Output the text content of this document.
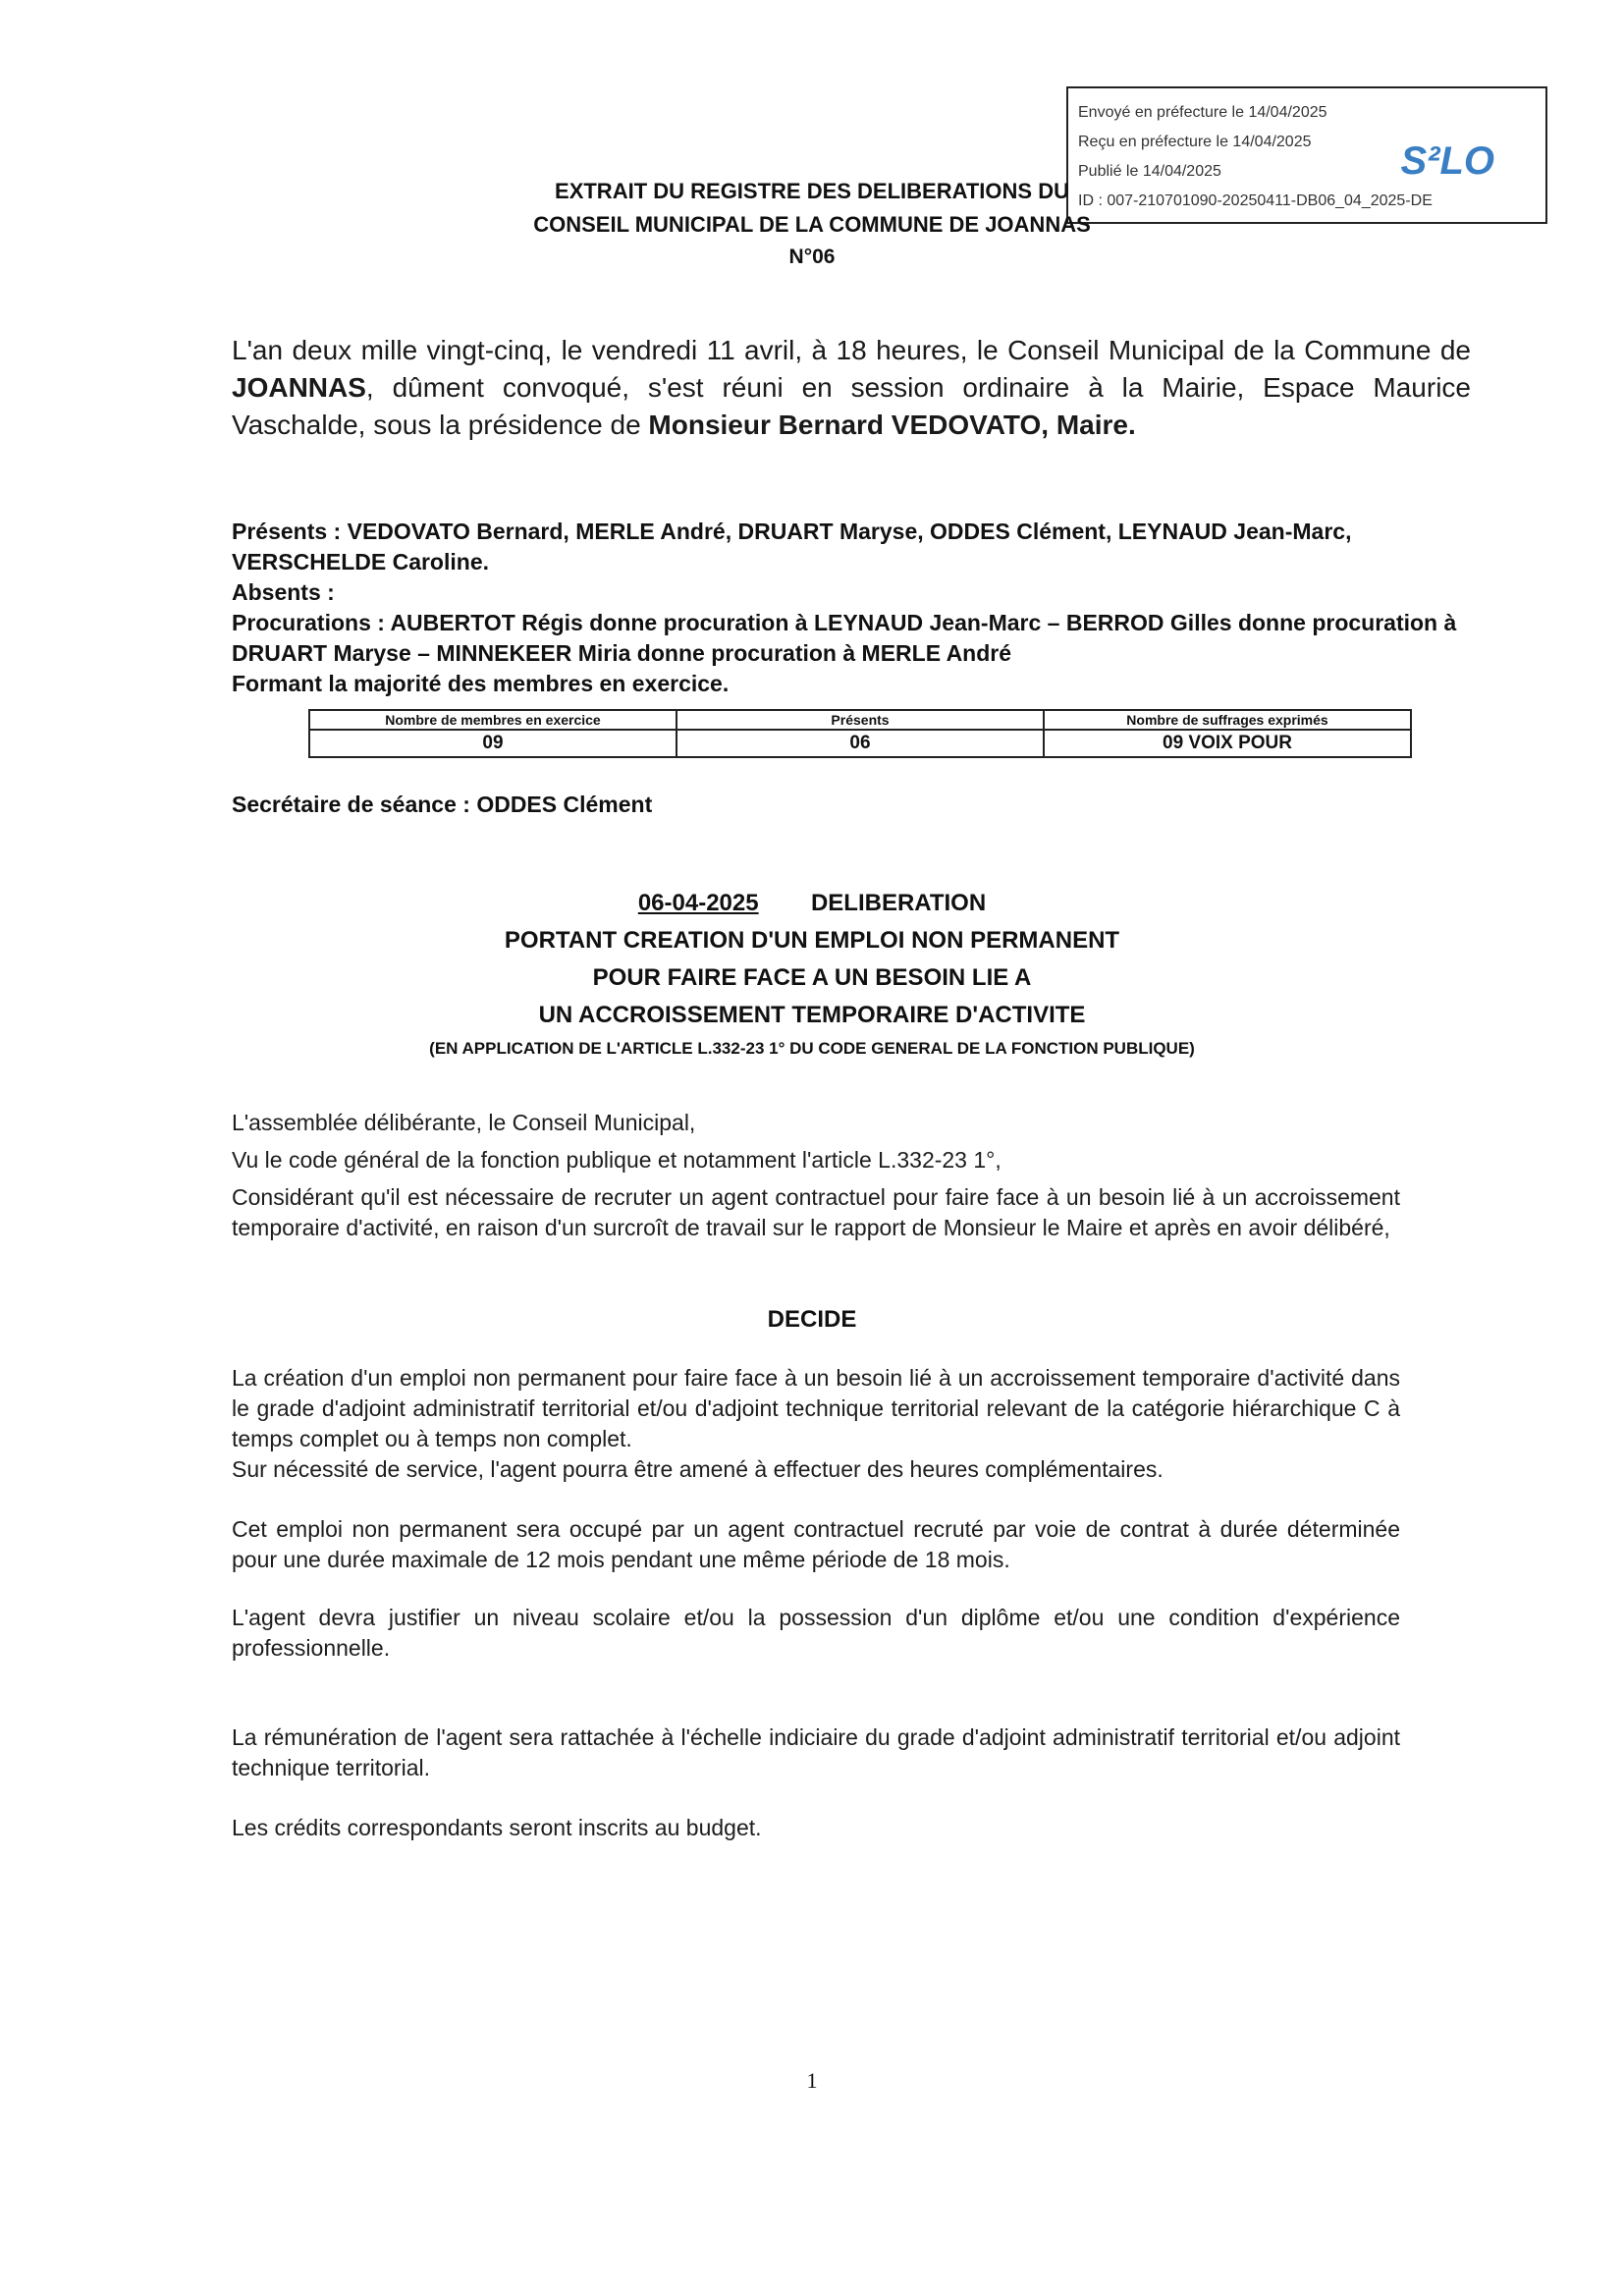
Envoyé en préfecture le 14/04/2025
Reçu en préfecture le 14/04/2025
Publié le 14/04/2025
ID : 007-210701090-20250411-DB06_04_2025-DE
S²LO
EXTRAIT DU REGISTRE DES DELIBERATIONS DU
CONSEIL MUNICIPAL DE LA COMMUNE DE JOANNAS
N°06
L'an deux mille vingt-cinq, le vendredi 11 avril, à 18 heures, le Conseil Municipal de la Commune de JOANNAS, dûment convoqué, s'est réuni en session ordinaire à la Mairie, Espace Maurice Vaschalde, sous la présidence de Monsieur Bernard VEDOVATO, Maire.
Présents : VEDOVATO Bernard, MERLE André, DRUART Maryse, ODDES Clément, LEYNAUD Jean-Marc, VERSCHELDE Caroline.
Absents :
Procurations : AUBERTOT Régis donne procuration à LEYNAUD Jean-Marc – BERROD Gilles donne procuration à DRUART Maryse – MINNEKEER Miria donne procuration à MERLE André
Formant la majorité des membres en exercice.
Nombre de membres en exercice	Présents	Nombre de suffrages exprimés
09	06	09 VOIX POUR
Secrétaire de séance : ODDES Clément
06-04-2025 DELIBERATION
PORTANT CREATION D'UN EMPLOI NON PERMANENT
POUR FAIRE FACE A UN BESOIN LIE A
UN ACCROISSEMENT TEMPORAIRE D'ACTIVITE
(EN APPLICATION DE L'ARTICLE L.332-23 1° DU CODE GENERAL DE LA FONCTION PUBLIQUE)
L'assemblée délibérante, le Conseil Municipal,
Vu le code général de la fonction publique et notamment l'article L.332-23 1°,
Considérant qu'il est nécessaire de recruter un agent contractuel pour faire face à un besoin lié à un accroissement temporaire d'activité, en raison d'un surcroît de travail sur le rapport de Monsieur le Maire et après en avoir délibéré,
DECIDE
La création d'un emploi non permanent pour faire face à un besoin lié à un accroissement temporaire d'activité dans le grade d'adjoint administratif territorial et/ou d'adjoint technique territorial relevant de la catégorie hiérarchique C à temps complet ou à temps non complet.
Sur nécessité de service, l'agent pourra être amené à effectuer des heures complémentaires.
Cet emploi non permanent sera occupé par un agent contractuel recruté par voie de contrat à durée déterminée pour une durée maximale de 12 mois pendant une même période de 18 mois.
L'agent devra justifier un niveau scolaire et/ou la possession d'un diplôme et/ou une condition d'expérience professionnelle.
La rémunération de l'agent sera rattachée à l'échelle indiciaire du grade d'adjoint administratif territorial et/ou adjoint technique territorial.
Les crédits correspondants seront inscrits au budget.
1
